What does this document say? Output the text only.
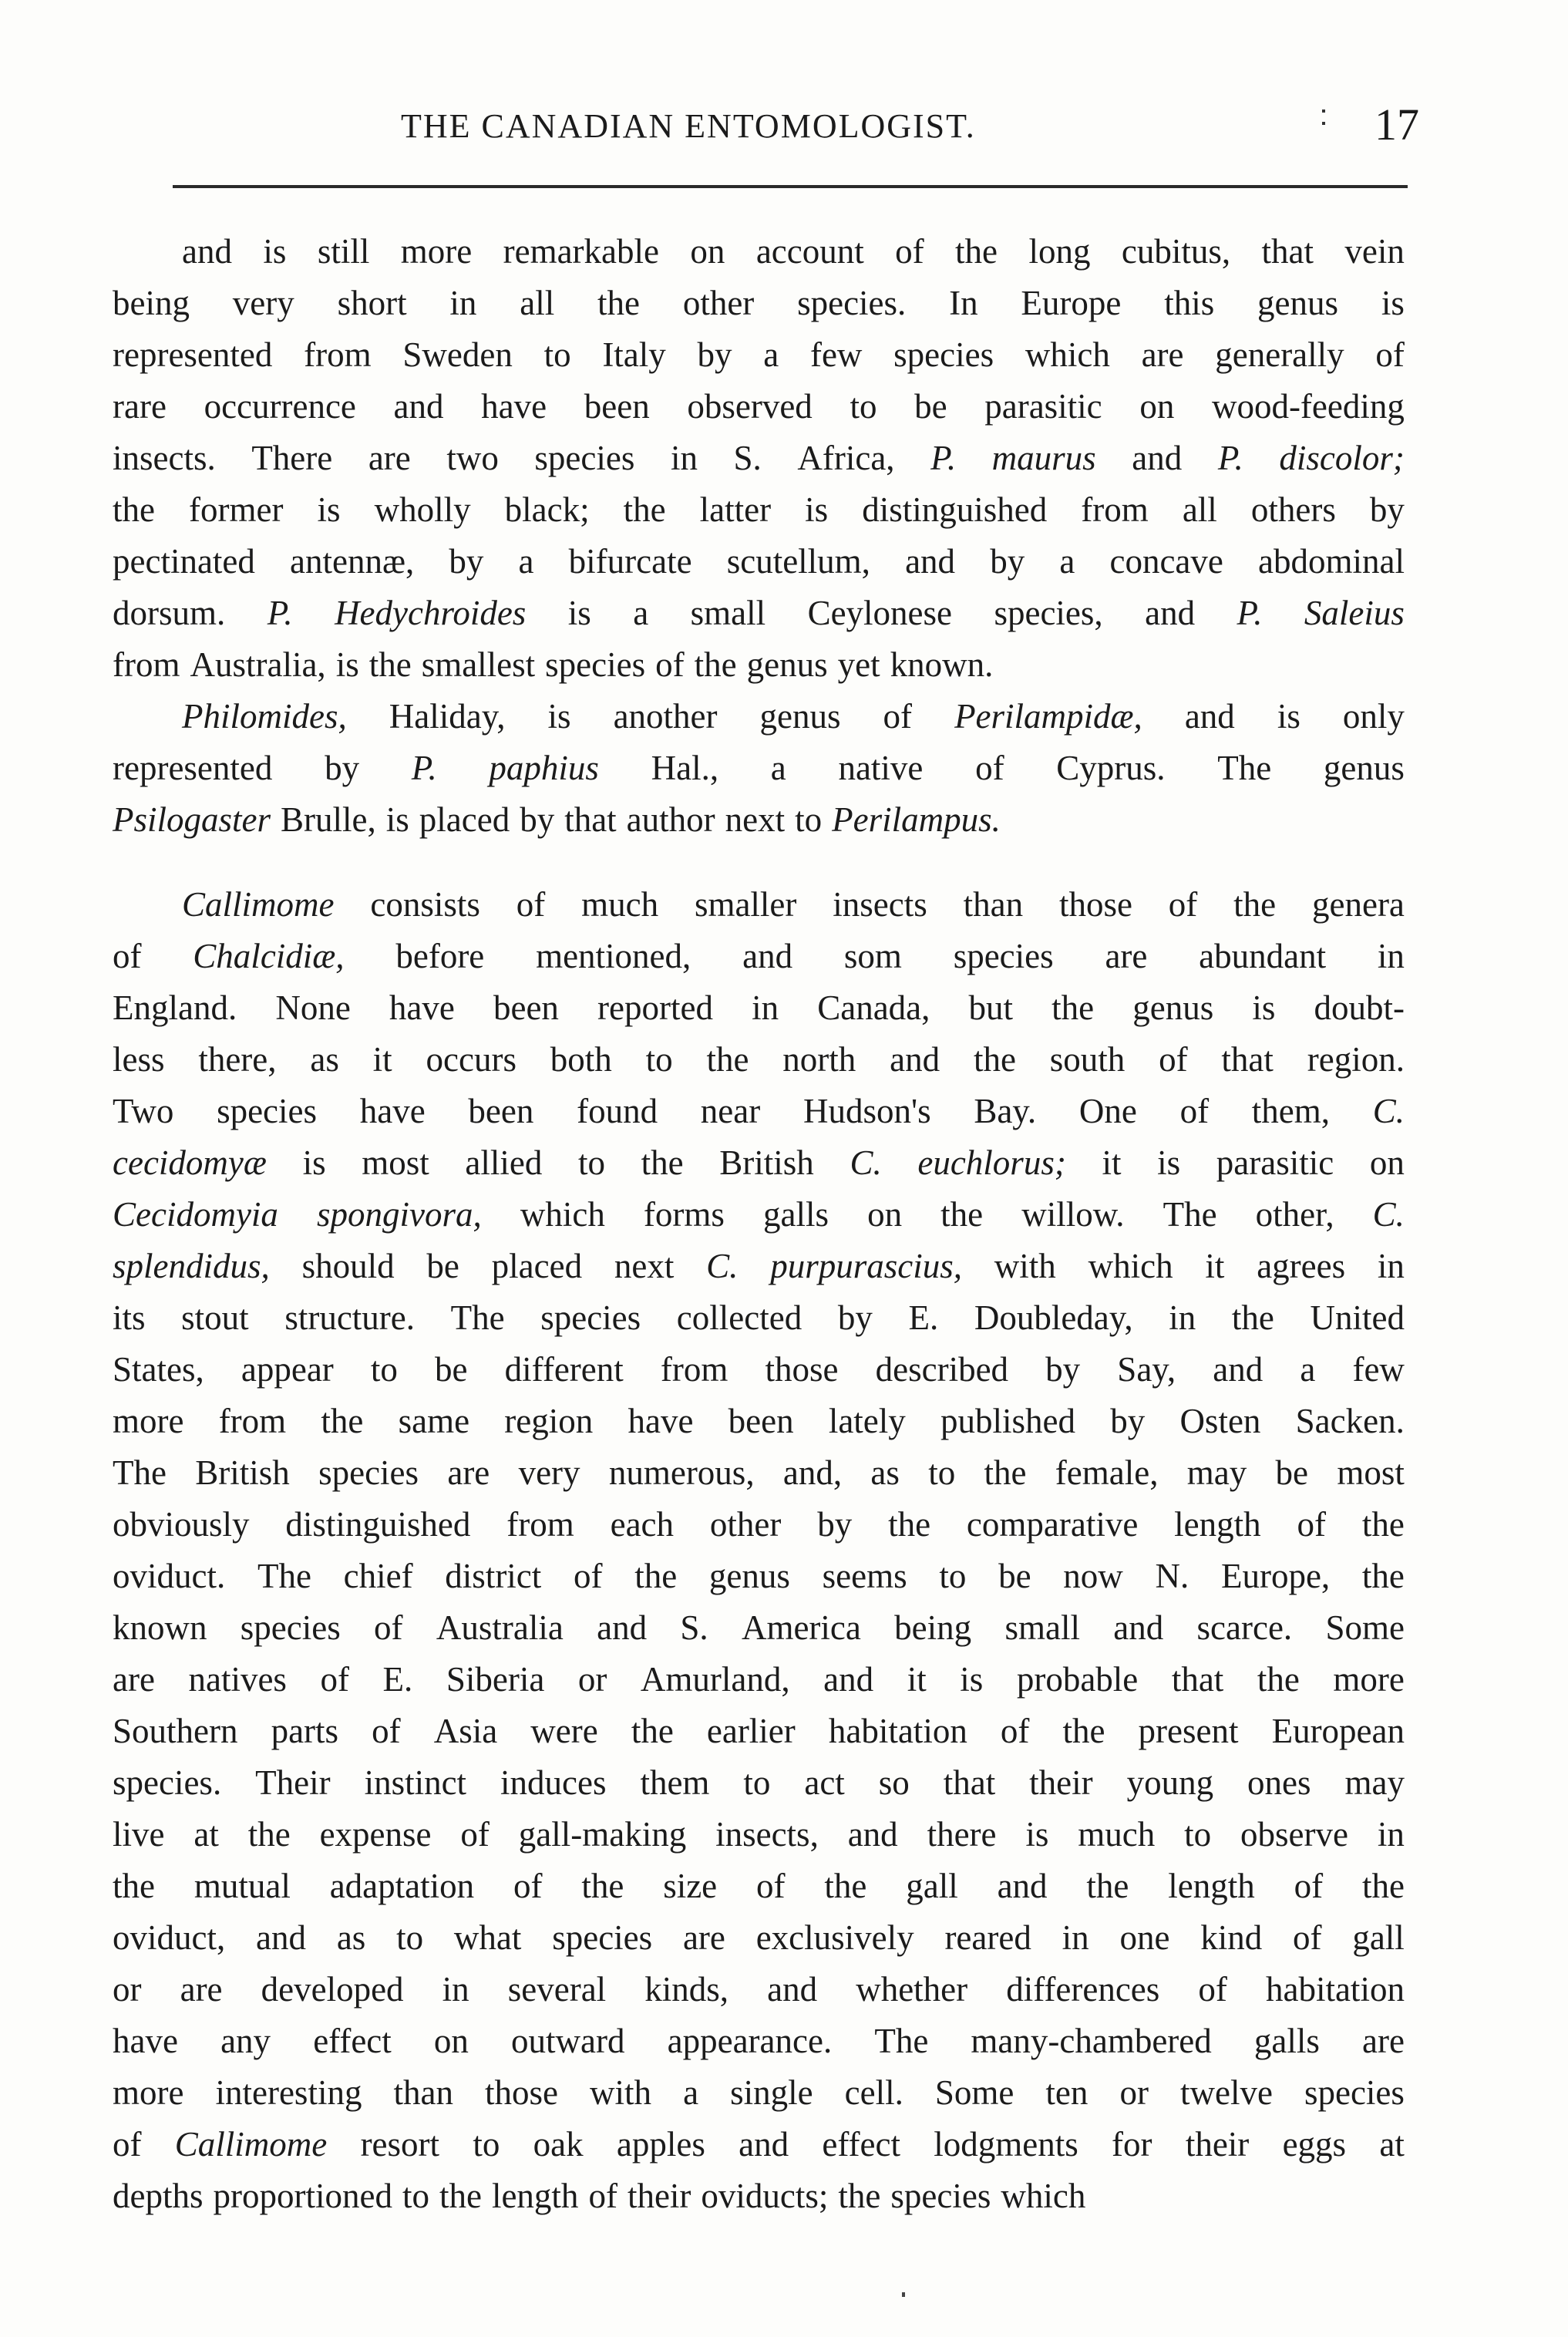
THE CANADIAN ENTOMOLOGIST.	17
and is still more remarkable on account of the long cubitus, that vein
being very short in all the other species. In Europe this genus is
represented from Sweden to Italy by a few species which are generally of
rare occurrence and have been observed to be parasitic on wood-feeding
insects. There are two species in S. Africa, P. maurus and P. discolor;
the former is wholly black; the latter is distinguished from all others by
pectinated antennæ, by a bifurcate scutellum, and by a concave abdominal
dorsum. P. Hedychroides is a small Ceylonese species, and P. Saleius
from Australia, is the smallest species of the genus yet known.
Philomides, Haliday, is another genus of Perilampidæ, and is only
represented by P. paphius Hal., a native of Cyprus. The genus
Psilogaster Brulle, is placed by that author next to Perilampus.
Callimome consists of much smaller insects than those of the genera
of Chalcidiæ, before mentioned, and som species are abundant in
England. None have been reported in Canada, but the genus is doubt-
less there, as it occurs both to the north and the south of that region.
Two species have been found near Hudson's Bay. One of them, C.
cecidomyæ is most allied to the British C. euchlorus; it is parasitic on
Cecidomyia spongivora, which forms galls on the willow. The other, C.
splendidus, should be placed next C. purpurascius, with which it agrees in
its stout structure. The species collected by E. Doubleday, in the United
States, appear to be different from those described by Say, and a few
more from the same region have been lately published by Osten Sacken.
The British species are very numerous, and, as to the female, may be most
obviously distinguished from each other by the comparative length of the
oviduct. The chief district of the genus seems to be now N. Europe, the
known species of Australia and S. America being small and scarce. Some
are natives of E. Siberia or Amurland, and it is probable that the more
Southern parts of Asia were the earlier habitation of the present European
species. Their instinct induces them to act so that their young ones may
live at the expense of gall-making insects, and there is much to observe in
the mutual adaptation of the size of the gall and the length of the
oviduct, and as to what species are exclusively reared in one kind of gall
or are developed in several kinds, and whether differences of habitation
have any effect on outward appearance. The many-chambered galls are
more interesting than those with a single cell. Some ten or twelve species
of Callimome resort to oak apples and effect lodgments for their eggs at
depths proportioned to the length of their oviducts; the species which
